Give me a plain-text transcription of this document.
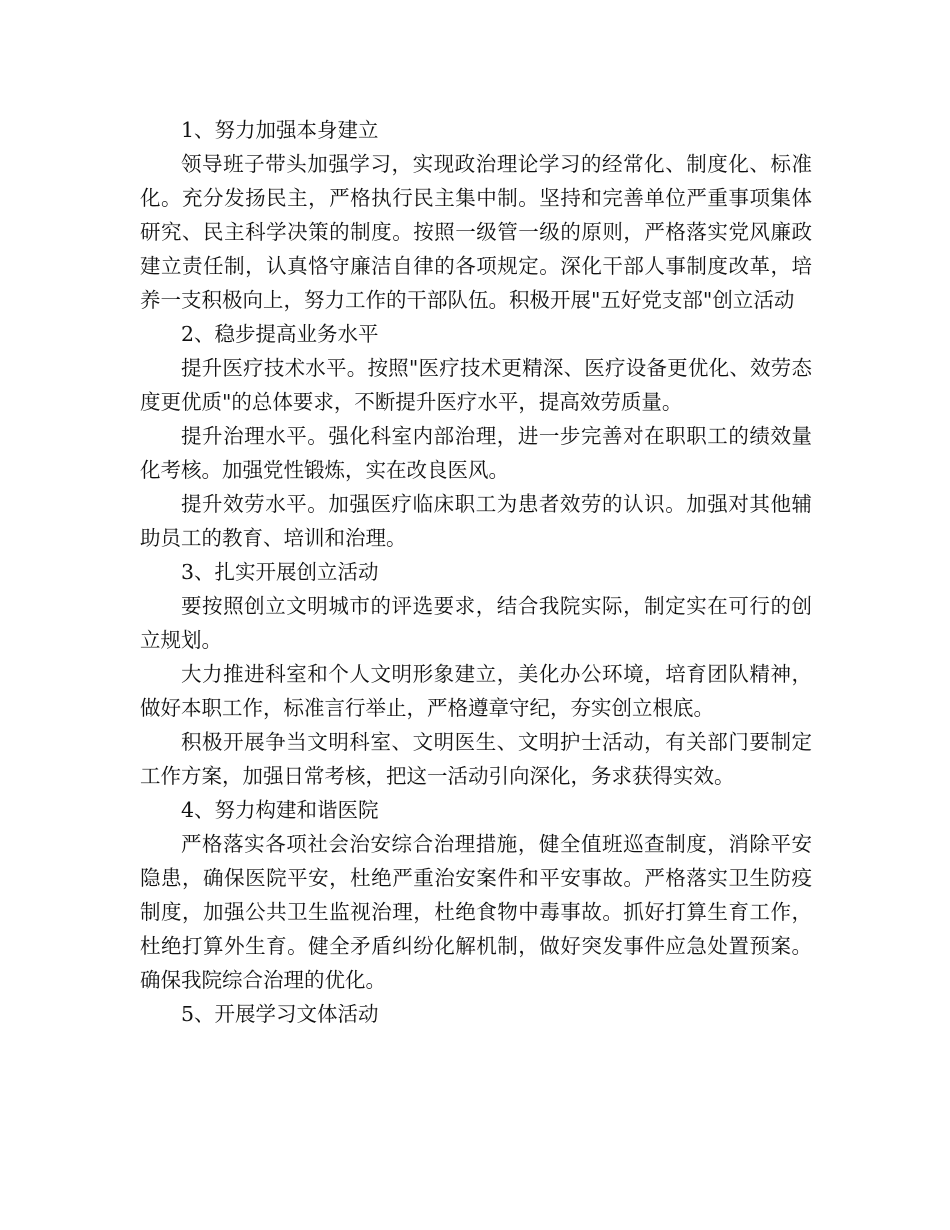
1、努力加强本身建立

领导班子带头加强学习，实现政治理论学习的经常化、制度化、标准化。充分发扬民主，严格执行民主集中制。坚持和完善单位严重事项集体研究、民主科学决策的制度。按照一级管一级的原则，严格落实党风廉政建立责任制，认真恪守廉洁自律的各项规定。深化干部人事制度改革，培养一支积极向上，努力工作的干部队伍。积极开展"五好党支部"创立活动

2、稳步提高业务水平

提升医疗技术水平。按照"医疗技术更精深、医疗设备更优化、效劳态度更优质"的总体要求，不断提升医疗水平，提高效劳质量。

提升治理水平。强化科室内部治理，进一步完善对在职职工的绩效量化考核。加强党性锻炼，实在改良医风。

提升效劳水平。加强医疗临床职工为患者效劳的认识。加强对其他辅助员工的教育、培训和治理。

3、扎实开展创立活动

要按照创立文明城市的评选要求，结合我院实际，制定实在可行的创立规划。

大力推进科室和个人文明形象建立，美化办公环境，培育团队精神，做好本职工作，标准言行举止，严格遵章守纪，夯实创立根底。

积极开展争当文明科室、文明医生、文明护士活动，有关部门要制定工作方案，加强日常考核，把这一活动引向深化，务求获得实效。

4、努力构建和谐医院

严格落实各项社会治安综合治理措施，健全值班巡查制度，消除平安隐患，确保医院平安，杜绝严重治安案件和平安事故。严格落实卫生防疫制度，加强公共卫生监视治理，杜绝食物中毒事故。抓好打算生育工作，杜绝打算外生育。健全矛盾纠纷化解机制，做好突发事件应急处置预案。确保我院综合治理的优化。

5、开展学习文体活动
